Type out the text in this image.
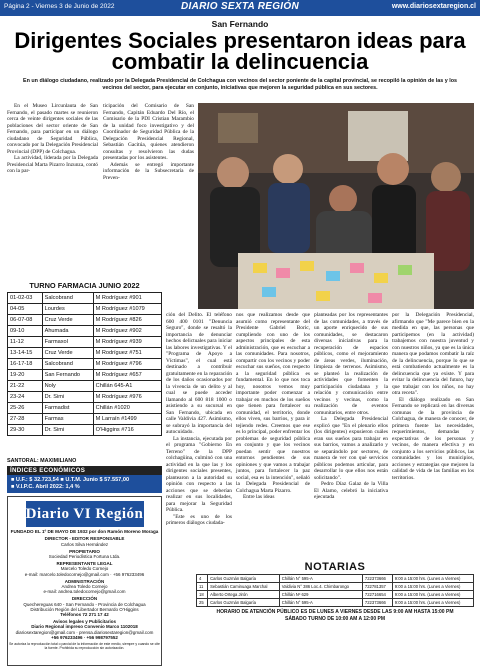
Página 2 - Viernes 3 de Junio de 2022	DIARIO SEXTA REGIÓN	www.diariosextaregion.cl
San Fernando
Dirigentes Sociales presentaron ideas para combatir la delincuencia
En un diálogo ciudadano, realizado por la Delegada Presidencial de Colchagua con vecinos del sector poniente de la capital provincial, se recopiló la opinión de las y los vecinos del sector, para ejecutar en conjunto, iniciativas que mejoren la seguridad pública en sus sectores.

En el Museo Lircunlauta de San Fernando, el pasado martes se reunieron cerca de veinte dirigentes sociales de las poblaciones del sector oriente de San Fernando, para participar en un diálogo ciudadano de Seguridad Pública, convocado por la Delegación Presidencial Provincial (DPP) de Colchagua.

La actividad, liderada por la Delegada Presidencial Marta Pizarro Inzunza, contó con la par-

ticipación del Comisario de San Fernando, Capitán Eduardo Del Río, el Comisario de la PDI Cristian Marambio de la unidad foco investigativo y del Coordinador de Seguridad Pública de la Delegación Presidencial Regional, Sebastián Gacitúa, quienes atendieron consultas y resolvieron las dudas presentadas por los asistentes.

Además se entregó importante información de la Subsecretaría de Preven-

TURNO FARMACIA JUNIO 2022
01-02-03	Salcobrand	M Rodríguez #901
04-05	Lourdes	M Rodríguez #1079
06-07-08	Cruz Verde	M Rodríguez #826
09-10	Ahumada	M Rodríguez #902
11-12	Farmaxol	M Rodríguez #939
13-14-15	Cruz Verde	M Rodríguez #751
16-17-18	Salcobrand	M Rodríguez #796
19-20	San Fernando	M Rodríguez #657
21-22	Noly	Chillán 645-A1
23-24	Dr. Simi	M Rodríguez #976
25-26	Farmadist	Chillán #1020
27-28	Farmas	M Larraín #1499
29-30	Dr. Simi	O'Higgins #716
SANTORAL: MAXIMILIANO
ÍNDICES ECONÓMICOS
■ U.F.: $ 32.723,54 ■ U.T.M. Junio $ 57.557,00
■ V.I.P.C. Abril 2022: 1,4 %
Diario VI Región
FUNDADO EL 1º DE MAYO DE 1932 por don Ramón Moreno Moraga
DIRECTOR - EDITOR RESPONSABLE
Carlos Silva Hernández
PROPIETARIO
Sociedad Periodística Fortuna Ltda.
REPRESENTANTE LEGAL
Marcelo Toledo Cornejo
e-mail: marcelo.toledocornejo@gmail.com · +56 976233496
ADMINISTRACIÓN
Andrea Toledo Cornejo
e-mail: andrea.toledocornejo@gmail.com
DIRECCIÓN
Quechereguas 640 - San Fernando - Provincia de Colchagua
Distribución Región del Libertador Bernardo O'Higgins
Teléfonos 72 271 17 42
Avisos legales y Publicitarios
Diario Regional impreso Convenio Marco 1102018
diariosextaregion@gmail.com · prensa.diariosextaregion@gmail.com
+56 976233496 · +56 998797552
Se autoriza la reproducción total o parcial de la información de este medio, siempre y cuando se cite la fuente. Prohibida su reproducción sin autorización.

ción del Delito. El teléfono 600 400 0101 "Denuncia Seguro", donde se resaltó la importancia de denunciar hechos delictuales para iniciar las labores investigativas. Y el "Programa de Apoyo a Víctimas", el cual está destinado a contribuir gratuitamente en la reparación de los daños ocasionados por la vivencia de un delito y al cual se puede acceder llamando al 600 818 1000 o asistiendo a su sucursal en San Fernando, ubicada en calle Valdivia 427. Asimismo, se subrayó la importancia del autocuidado.

La instancia, ejecutada por el programa "Gobierno En Terreno" de la DPP colchagüina, culminó con una actividad en la que las y los dirigentes sociales presentes, plantearon a la autoridad su opinión con respecto a las acciones que se deberían realizar en sus localidades, para mejorar la Seguridad Pública.

"Este es uno de los primeros diálogos ciudada-

nos que realizamos desde que asumió como representante del Presidente Gabriel Boric, cumpliendo con uno de los aspectos principales de esta administración, que es escuchar a las comunidades. Para nosotros, compartir con los vecinos y poder escuchar sus sueños, con respecto a la seguridad pública es fundamental. En lo que nos toca hoy, nosotros vemos muy importante poder comenzar a trabajar en muchos de los sueños que tienen para fortalecer su comunidad, el territorio, donde ellos viven, sus barrios, y para ir tejiendo redes. Creemos que ese es lo principal, poder enfrentar los problemas de seguridad pública en conjunto y que los vecinos puedan sentir que nuestros entornos pendientes de sus opiniones y que vamos a trabajar juntos, para fortalecer la paz social, esa es la intención", señaló la Delegada Presidencial de Colchagua Marta Pizarro.

Entre las ideas

planteadas por los representantes de las comunidades, a través de un aporte enriquecido de sus comunidades, se destacaron diversas iniciativas para la recuperación de espacios públicos, como el mejoramiento de áreas verdes, iluminación, limpieza de terrenos. Asimismo, se planteó la realización de actividades que fomenten la participación ciudadana y la relación y comunicación entre vecinos y vecinas, como la realización de eventos comunitarios, entre otros.

La Delegada Presidencial explicó que "En el plenario ellos (los dirigentes) expusieron cuáles eran sus sueños para trabajar en sus barrios, vamos a analizarlo y se separándolo por sectores, de manera de ver con qué servicios públicos podemos articular, para desarrollar lo que ellos nos están solicitando".

Pedro Díaz Galaz de la Villa El Alamo, celebró la iniciativa ejecutada

por la Delegación Presidencial, afirmando que "Me parece bien en la medida en que, las personas que participemos (en la actividad) trabajemos con nuestra juventud y con nuestros niños, ya que es la única manera que podamos combatir la raíz de la delincuencia, porque lo que se está combatiendo actualmente es la delincuencia que ya existe. Y para evitar la delincuencia del futuro, hay que trabajar con los niños, no hay otra receta".

El diálogo realizado en San Fernando se replicará en las diversas comunas de la provincia de Colchagua, de manera de conocer, de primera fuente las necesidades, requerimientos, demandas y expectativas de los personas y vecinos, de manera efectiva y en conjunto a los servicios públicos, las comunidades y los municipios, acciones y estrategias que mejoren la calidad de vida de las familias en los territorios.

NOTARIAS
4	Carlos Guzmán Balgaría	Chillán N° 595-A	722373666	9:00 a 15:00 hrs. (Lunes a Viernes)
11	Sebastián Caminuaga Marchal	Valdivia N° 386 Loc.4. Chimbarongo	722781357	9:00 a 15:00 hrs. (Lunes a Viernes)
18	Alberto Ortega Jirón	Chillán Nº 629	722716654	9:00 a 15:00 hrs. (Lunes a Viernes)
25	Carlos Guzmán Balgaría	Chillán N° 595-A	722373666	9:00 a 15:00 hrs. (Lunes a Viernes)
HORARIO DE ATENCIÓN PÚBLICO ES DE LUNES A VIERNES DESDE LAS 9:00 AM HASTA 15:00 PM
SÁBADO TURNO DE 10:00 AM A 12:00 PM
